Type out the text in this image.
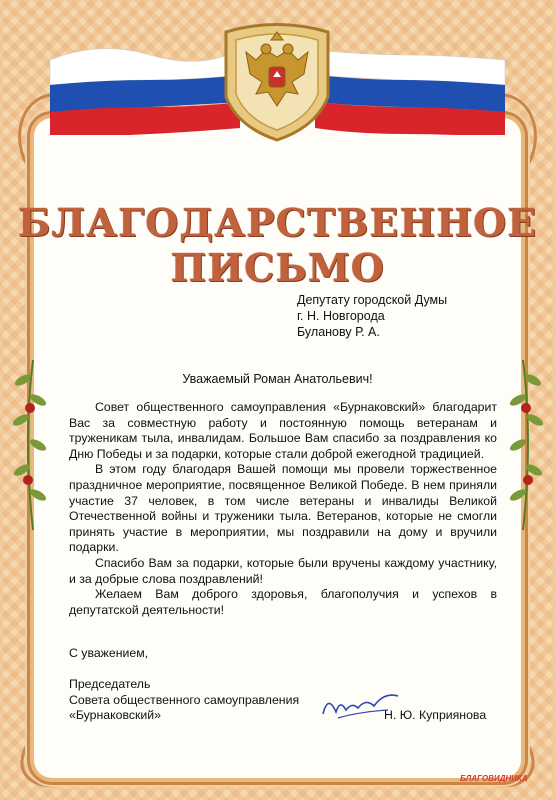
БЛАГОДАРСТВЕННОЕ
ПИСЬМО
Депутату городской Думы
г. Н. Новгорода
Буланову Р. А.
Уважаемый Роман Анатольевич!

Совет общественного самоуправления «Бурнаковский» благодарит Вас за совместную работу и постоянную помощь ветеранам и труженикам тыла, инвалидам. Большое Вам спасибо за поздравления ко Дню Победы и за подарки, которые стали доброй ежегодной традицией.

В этом году благодаря Вашей помощи мы провели торжественное праздничное мероприятие, посвященное Великой Победе. В нем приняли участие 37 человек, в том числе ветераны и инвалиды Великой Отечественной войны и труженики тыла. Ветеранов, которые не смогли принять участие в мероприятии, мы поздравили на дому и вручили подарки.

Спасибо Вам за подарки, которые были вручены каждому участнику, и за добрые слова поздравлений!

Желаем Вам доброго здоровья, благополучия и успехов в депутатской деятельности!

С уважением,
Председатель
Совета общественного самоуправления
«Бурнаковский»	Н. Ю. Куприянова
БЛАГОВИДНИКА
